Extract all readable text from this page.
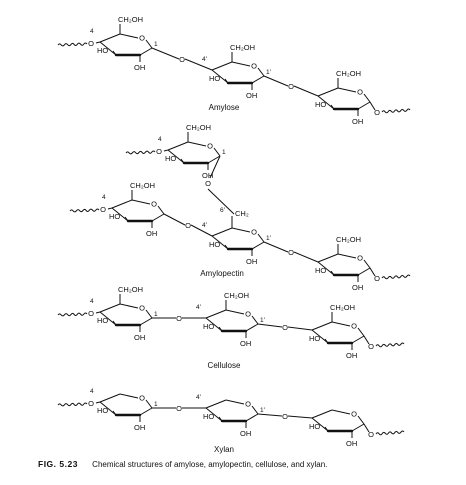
O
CH₂OH
HO
OH
4
1
O
CH₂OH
HO
OH
4′
1′
O
CH₂OH
HO
OH
O
O
O
O
Amylose
O
CH₂OH
HO
OH
4
1
O
O
CH₂OH
HO
OH
4
O
CH₂
HO
OH
4′
1′
O
CH₂OH
HO
OH
O
O
O
O
O
6′
Amylopectin
O
CH₂OH
HO
OH
4
1	O
CH₂OH
HO
OH
4′
1′
O
CH₂OH
HO
OH
O
O
O
O
Cellulose
O
HO
OH
4
1	O
HO
OH
4′
1′	O
HO
OH
O
O
O
O
Xylan
FIG. 5.23 Chemical structures of amylose, amylopectin, cellulose, and xylan.
